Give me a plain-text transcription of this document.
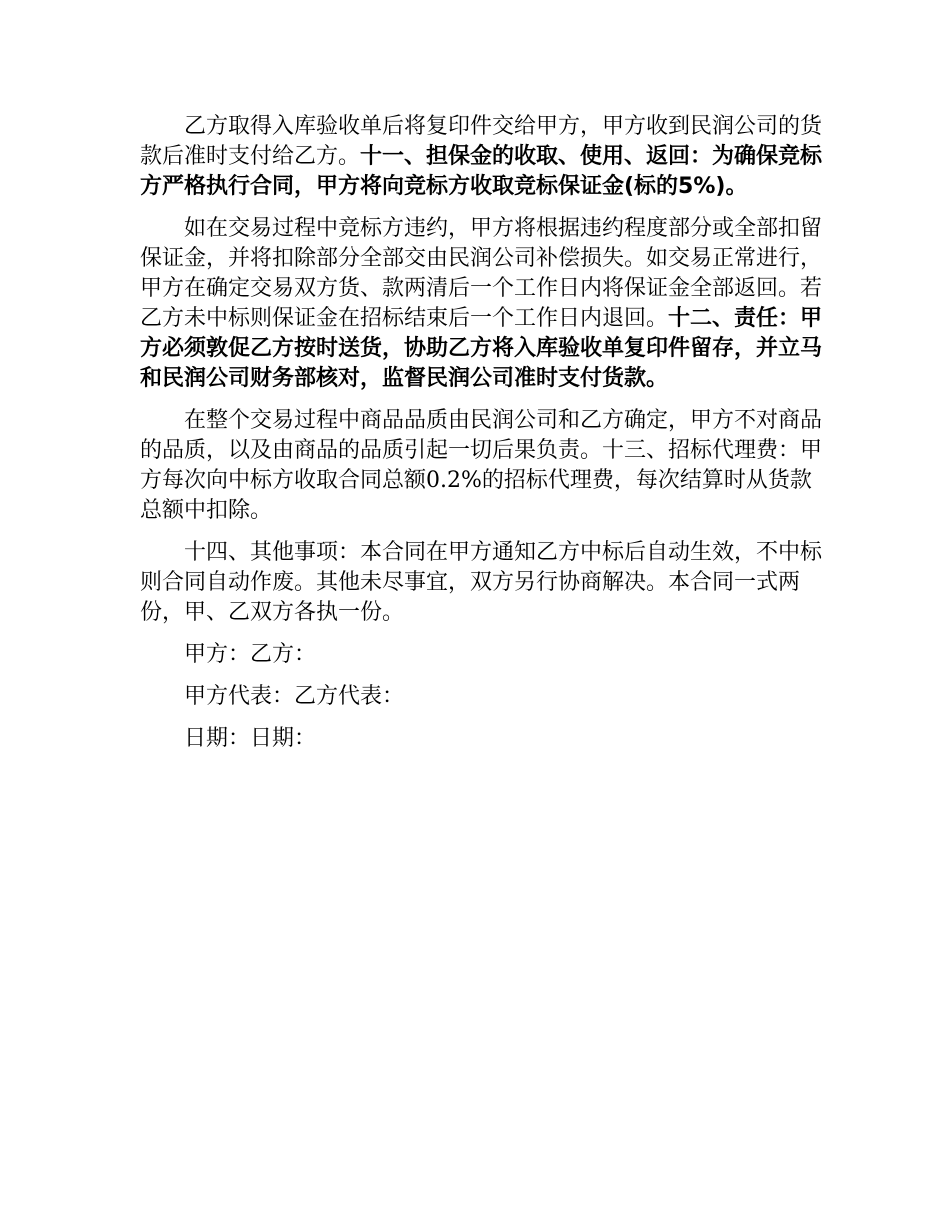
乙方取得入库验收单后将复印件交给甲方，甲方收到民润公司的货款后准时支付给乙方。十一、担保金的收取、使用、返回：为确保竞标方严格执行合同，甲方将向竞标方收取竞标保证金(标的5%)。

如在交易过程中竞标方违约，甲方将根据违约程度部分或全部扣留保证金，并将扣除部分全部交由民润公司补偿损失。如交易正常进行，甲方在确定交易双方货、款两清后一个工作日内将保证金全部返回。若乙方未中标则保证金在招标结束后一个工作日内退回。十二、责任：甲方必须敦促乙方按时送货，协助乙方将入库验收单复印件留存，并立马和民润公司财务部核对，监督民润公司准时支付货款。

在整个交易过程中商品品质由民润公司和乙方确定，甲方不对商品的品质，以及由商品的品质引起一切后果负责。十三、招标代理费：甲方每次向中标方收取合同总额0.2%的招标代理费，每次结算时从货款总额中扣除。

十四、其他事项：本合同在甲方通知乙方中标后自动生效，不中标则合同自动作废。其他未尽事宜，双方另行协商解决。本合同一式两份，甲、乙双方各执一份。

甲方：乙方：

甲方代表：乙方代表：

日期：日期：
